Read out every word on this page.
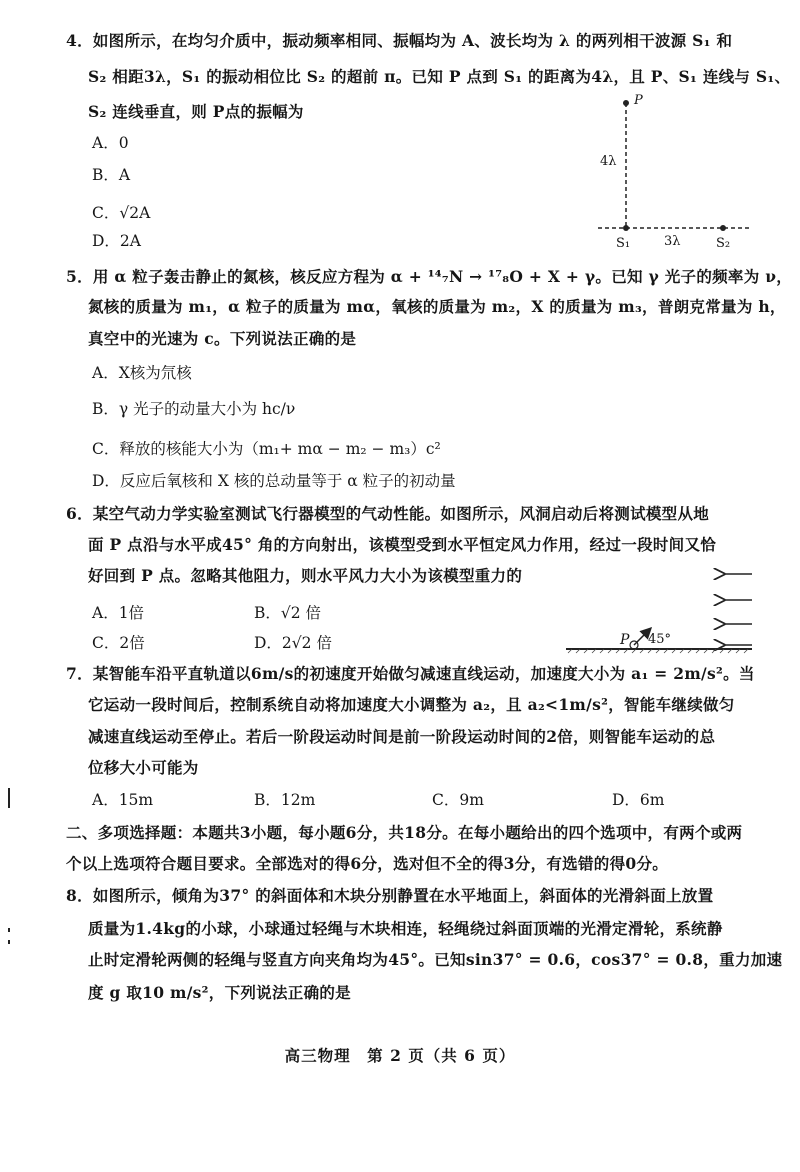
4．如图所示，在均匀介质中，振动频率相同、振幅均为 A、波长均为 λ 的两列相干波源 S₁ 和
S₂ 相距3λ，S₁ 的振动相位比 S₂ 的超前 π。已知 P 点到 S₁ 的距离为4λ，且 P、S₁ 连线与 S₁、
S₂ 连线垂直，则 P点的振幅为
A．0
B．A
C．√2A
D．2A
P
4λ
S₁	3λ	S₂
5．用 α 粒子轰击静止的氮核，核反应方程为 α + ¹⁴₇N → ¹⁷₈O + X + γ。已知 γ 光子的频率为 ν，
氮核的质量为 m₁，α 粒子的质量为 mα，氧核的质量为 m₂，X 的质量为 m₃，普朗克常量为 h，
真空中的光速为 c。下列说法正确的是
A．X核为氘核
B．γ 光子的动量大小为 hc/ν
C．释放的核能大小为（m₁+ mα − m₂ − m₃）c²
D．反应后氧核和 X 核的总动量等于 α 粒子的初动量
6．某空气动力学实验室测试飞行器模型的气动性能。如图所示，风洞启动后将测试模型从地
面 P 点沿与水平成45° 角的方向射出，该模型受到水平恒定风力作用，经过一段时间又恰
好回到 P 点。忽略其他阻力，则水平风力大小为该模型重力的
A．1倍	B．√2 倍
C．2倍	D．2√2 倍	P 45°
7．某智能车沿平直轨道以6m/s的初速度开始做匀减速直线运动，加速度大小为 a₁ = 2m/s²。当
它运动一段时间后，控制系统自动将加速度大小调整为 a₂，且 a₂<1m/s²，智能车继续做匀
减速直线运动至停止。若后一阶段运动时间是前一阶段运动时间的2倍，则智能车运动的总
位移大小可能为
A．15m	B．12m	C．9m	D．6m
二、多项选择题：本题共3小题，每小题6分，共18分。在每小题给出的四个选项中，有两个或两
个以上选项符合题目要求。全部选对的得6分，选对但不全的得3分，有选错的得0分。
8．如图所示，倾角为37° 的斜面体和木块分别静置在水平地面上，斜面体的光滑斜面上放置
质量为1.4kg的小球，小球通过轻绳与木块相连，轻绳绕过斜面顶端的光滑定滑轮，系统静
止时定滑轮两侧的轻绳与竖直方向夹角均为45°。已知sin37° = 0.6，cos37° = 0.8，重力加速
度 g 取10 m/s²，下列说法正确的是
高三物理　第 2 页（共 6 页）
